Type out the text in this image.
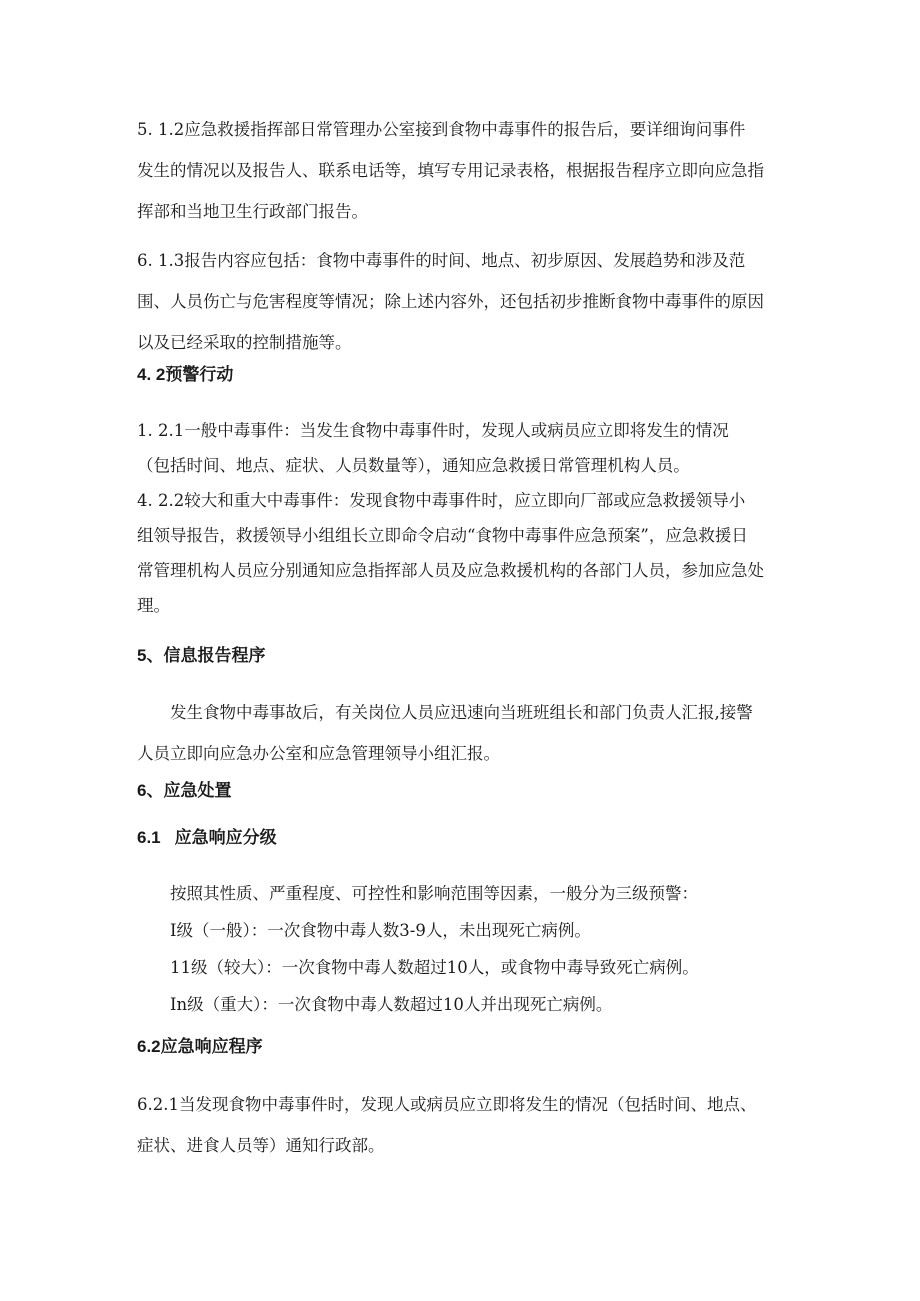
5. 1.2应急救援指挥部日常管理办公室接到食物中毒事件的报告后，要详细询问事件
发生的情况以及报告人、联系电话等，填写专用记录表格，根据报告程序立即向应急指
挥部和当地卫生行政部门报告。

6. 1.3报告内容应包括：食物中毒事件的时间、地点、初步原因、发展趋势和涉及范
围、人员伤亡与危害程度等情况；除上述内容外，还包括初步推断食物中毒事件的原因
以及已经采取的控制措施等。

4. 2预警行动

1. 2.1一般中毒事件：当发生食物中毒事件时，发现人或病员应立即将发生的情况
（包括时间、地点、症状、人员数量等），通知应急救援日常管理机构人员。
4. 2.2较大和重大中毒事件：发现食物中毒事件时，应立即向厂部或应急救援领导小
组领导报告，救援领导小组组长立即命令启动“食物中毒事件应急预案”，应急救援日
常管理机构人员应分别通知应急指挥部人员及应急救援机构的各部门人员，参加应急处
理。

5、信息报告程序

发生食物中毒事故后，有关岗位人员应迅速向当班班组长和部门负责人汇报,接警
人员立即向应急办公室和应急管理领导小组汇报。

6、应急处置
6.1 应急响应分级

按照其性质、严重程度、可控性和影响范围等因素，一般分为三级预警：
I级（一般）：一次食物中毒人数3-9人，未出现死亡病例。
11级（较大）：一次食物中毒人数超过10人，或食物中毒导致死亡病例。
In级（重大）：一次食物中毒人数超过10人并出现死亡病例。

6.2应急响应程序

6.2.1当发现食物中毒事件时，发现人或病员应立即将发生的情况（包括时间、地点、
症状、进食人员等）通知行政部。
